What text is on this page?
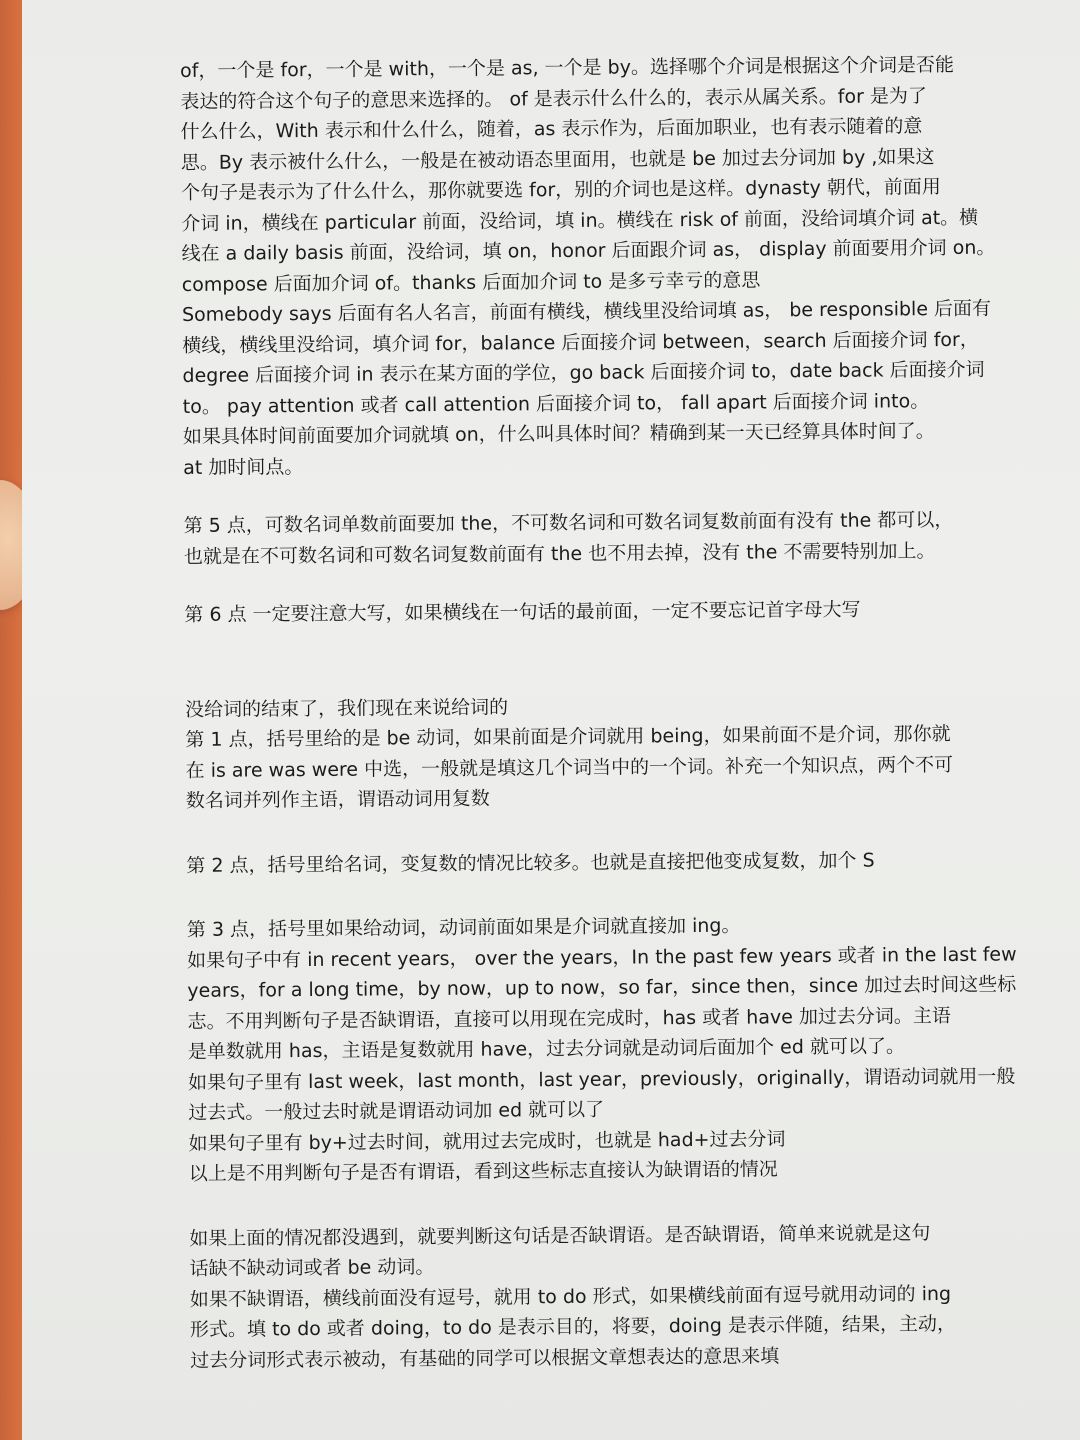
of，一个是 for，一个是 with，一个是 as, 一个是 by。选择哪个介词是根据这个介词是否能

表达的符合这个句子的意思来选择的。 of 是表示什么什么的，表示从属关系。for 是为了

什么什么，With 表示和什么什么，随着，as 表示作为，后面加职业，也有表示随着的意

思。By 表示被什么什么，一般是在被动语态里面用，也就是 be 加过去分词加 by ,如果这

个句子是表示为了什么什么，那你就要选 for，别的介词也是这样。dynasty 朝代，前面用

介词 in，横线在 particular 前面，没给词，填 in。横线在 risk of 前面，没给词填介词 at。横

线在 a daily basis 前面，没给词，填 on，honor 后面跟介词 as， display 前面要用介词 on。

compose 后面加介词 of。thanks 后面加介词 to 是多亏幸亏的意思

Somebody says 后面有名人名言，前面有横线，横线里没给词填 as， be responsible 后面有

横线，横线里没给词，填介词 for，balance 后面接介词 between，search 后面接介词 for，

degree 后面接介词 in 表示在某方面的学位，go back 后面接介词 to，date back 后面接介词

to。 pay attention 或者 call attention 后面接介词 to， fall apart 后面接介词 into。

如果具体时间前面要加介词就填 on，什么叫具体时间？精确到某一天已经算具体时间了。

at 加时间点。

第 5 点，可数名词单数前面要加 the，不可数名词和可数名词复数前面有没有 the 都可以，

也就是在不可数名词和可数名词复数前面有 the 也不用去掉，没有 the 不需要特别加上。

第 6 点 一定要注意大写，如果横线在一句话的最前面，一定不要忘记首字母大写

没给词的结束了，我们现在来说给词的

第 1 点，括号里给的是 be 动词，如果前面是介词就用 being，如果前面不是介词，那你就

在 is are was were 中选，一般就是填这几个词当中的一个词。补充一个知识点，两个不可

数名词并列作主语，谓语动词用复数

第 2 点，括号里给名词，变复数的情况比较多。也就是直接把他变成复数，加个 S

第 3 点，括号里如果给动词，动词前面如果是介词就直接加 ing。

如果句子中有 in recent years， over the years，In the past few years 或者 in the last few

years，for a long time，by now，up to now，so far，since then，since 加过去时间这些标

志。不用判断句子是否缺谓语，直接可以用现在完成时，has 或者 have 加过去分词。主语

是单数就用 has，主语是复数就用 have，过去分词就是动词后面加个 ed 就可以了。

如果句子里有 last week，last month，last year，previously，originally，谓语动词就用一般

过去式。一般过去时就是谓语动词加 ed 就可以了

如果句子里有 by+过去时间，就用过去完成时，也就是 had+过去分词

以上是不用判断句子是否有谓语，看到这些标志直接认为缺谓语的情况

如果上面的情况都没遇到，就要判断这句话是否缺谓语。是否缺谓语，简单来说就是这句

话缺不缺动词或者 be 动词。

如果不缺谓语，横线前面没有逗号，就用 to do 形式，如果横线前面有逗号就用动词的 ing

形式。填 to do 或者 doing，to do 是表示目的，将要，doing 是表示伴随，结果，主动，

过去分词形式表示被动，有基础的同学可以根据文章想表达的意思来填
